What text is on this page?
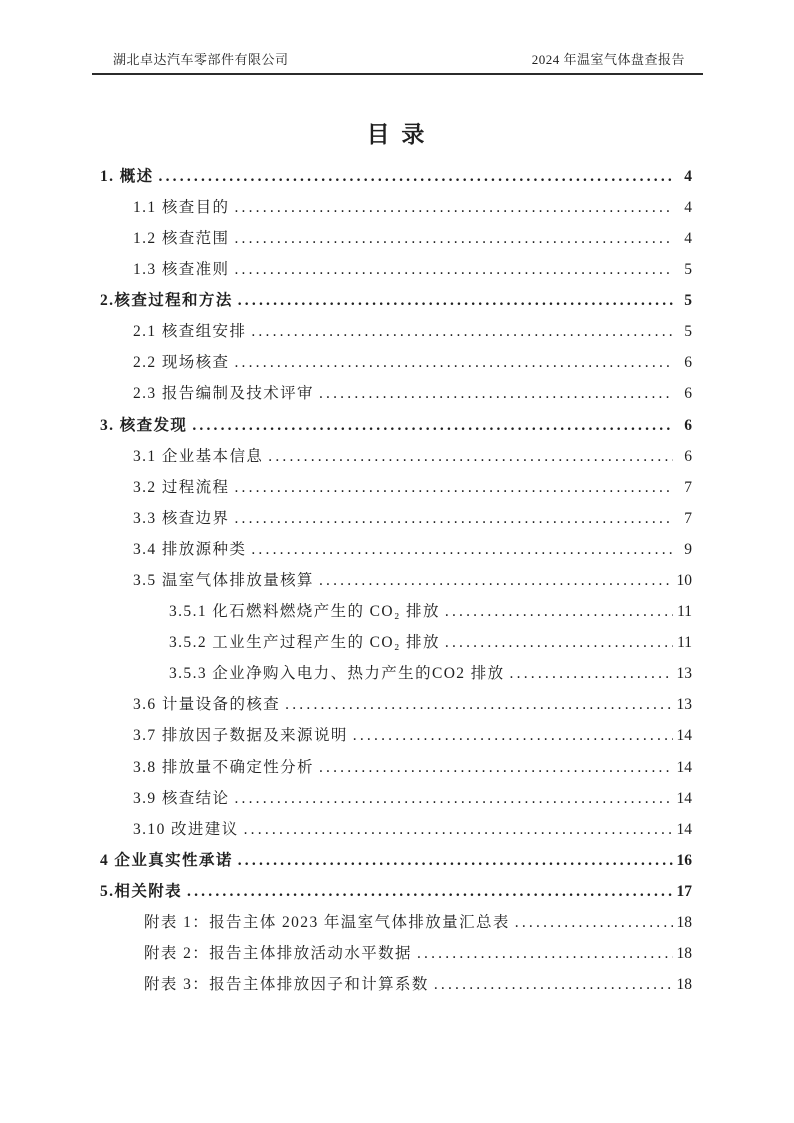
湖北卓达汽车零部件有限公司	2024 年温室气体盘查报告
目 录
1. 概述 .....	4
1.1 核查目的 .....	4
1.2 核查范围 .....	4
1.3 核查准则 .....	5
2.核查过程和方法 .....	5
2.1 核查组安排 .....	5
2.2 现场核查 .....	6
2.3 报告编制及技术评审 .....	6
3. 核查发现 .....	6
3.1 企业基本信息 .....	6
3.2 过程流程 .....	7
3.3 核查边界 .....	7
3.4 排放源种类 .....	9
3.5 温室气体排放量核算 .....	10
3.5.1 化石燃料燃烧产生的 CO₂ 排放 .....	11
3.5.2 工业生产过程产生的 CO₂ 排放 .....	11
3.5.3 企业净购入电力、热力产生的CO2 排放 .....	13
3.6 计量设备的核查 .....	13
3.7 排放因子数据及来源说明 .....	14
3.8 排放量不确定性分析 .....	14
3.9 核查结论 .....	14
3.10 改进建议 .....	14
4 企业真实性承诺 .....	16
5.相关附表 .....	17
附表 1：报告主体 2023 年温室气体排放量汇总表 .....	18
附表 2：报告主体排放活动水平数据 .....	18
附表 3：报告主体排放因子和计算系数 .....	18
